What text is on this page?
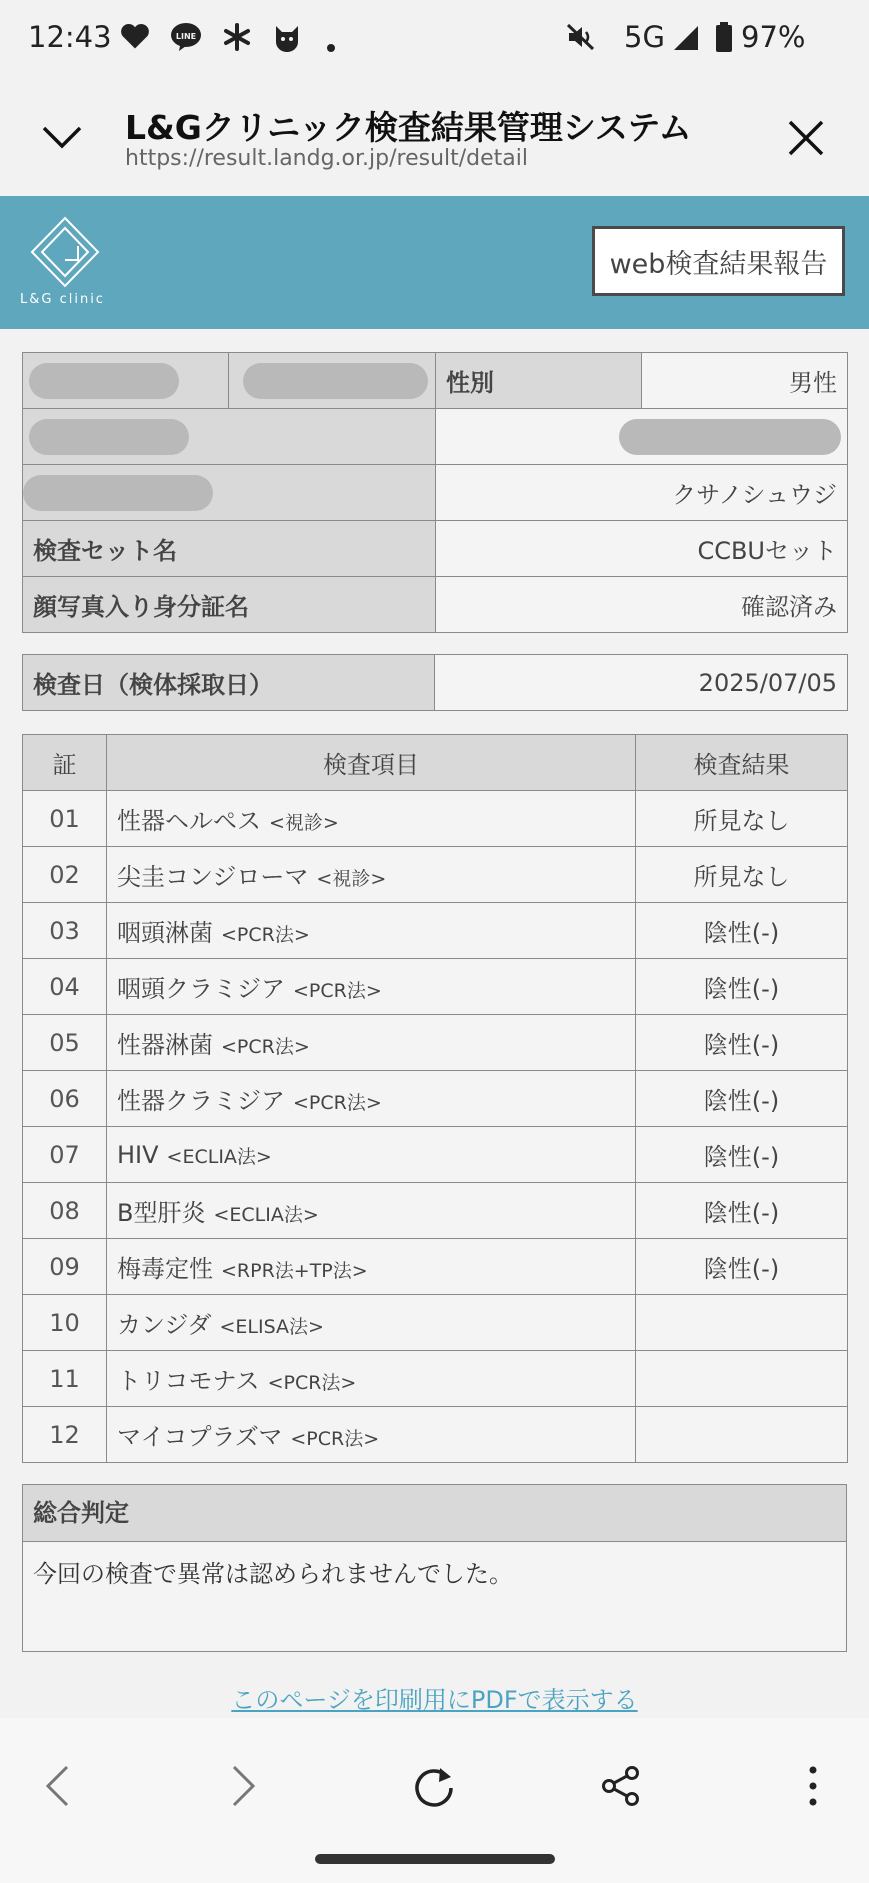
12:43	LINE	5G	97%
L&Gクリニック検査結果管理システム
https://result.landg.or.jp/result/detail
L&G clinic
web検査結果報告
		性別	男性

		クサノシュウジ	
検査セット名		CCBUセット	
顔写真入り身分証名		確認済み	
検査日（検体採取日）	2025/07/05
証	検査項目	検査結果
01	性器ヘルペス <視診>	所見なし
02	尖圭コンジローマ <視診>	所見なし
03	咽頭淋菌 <PCR法>	陰性(-)
04	咽頭クラミジア <PCR法>	陰性(-)
05	性器淋菌 <PCR法>	陰性(-)
06	性器クラミジア <PCR法>	陰性(-)
07	HIV <ECLIA法>	陰性(-)
08	B型肝炎 <ECLIA法>	陰性(-)
09	梅毒定性 <RPR法+TP法>	陰性(-)
10	カンジダ <ELISA法>	
11	トリコモナス <PCR法>	
12	マイコプラズマ <PCR法>	
総合判定
今回の検査で異常は認められませんでした。
このページを印刷用にPDFで表示する
